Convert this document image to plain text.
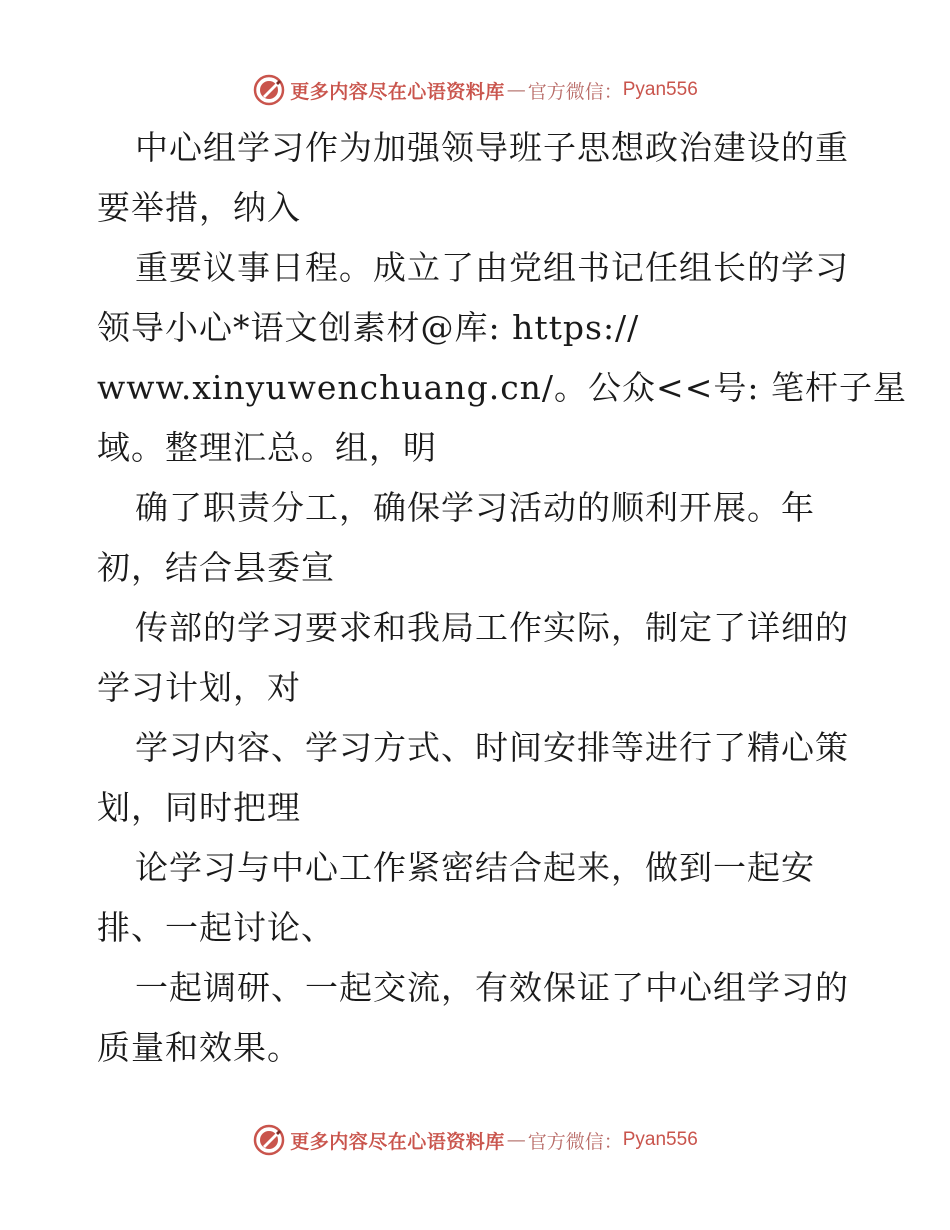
更多内容尽在心语资料库 — 官方微信： Pyan556
中心组学习作为加强领导班子思想政治建设的重
要举措，纳入
重要议事日程。成立了由党组书记任组长的学习
领导小心*语文创素材@库: https://
www.xinyuwenchuang.cn/。公众<<号: 笔杆子星
域。整理汇总。组，明
确了职责分工，确保学习活动的顺利开展。年
初，结合县委宣
传部的学习要求和我局工作实际，制定了详细的
学习计划，对
学习内容、学习方式、时间安排等进行了精心策
划，同时把理
论学习与中心工作紧密结合起来，做到一起安
排、一起讨论、
一起调研、一起交流，有效保证了中心组学习的
质量和效果。
更多内容尽在心语资料库 — 官方微信： Pyan556
